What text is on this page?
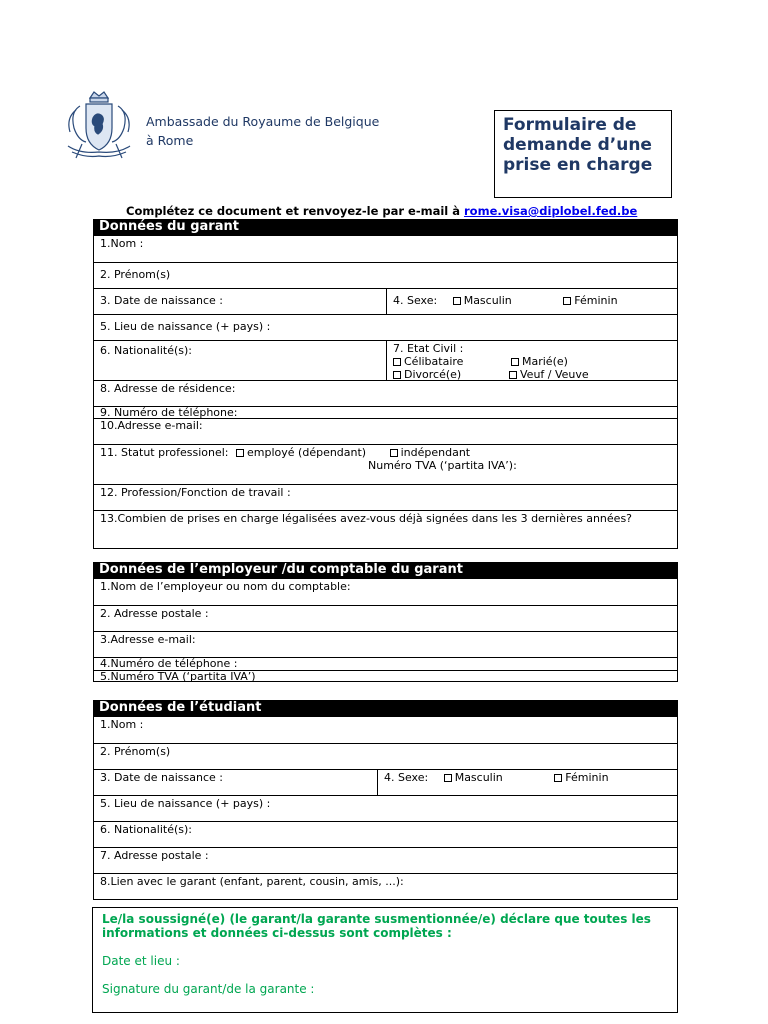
Ambassade du Royaume de Belgique
à Rome
Formulaire de demande d’une prise en charge
Complétez ce document et renvoyez-le par e-mail à rome.visa@diplobel.fed.be
Données du garant
1.Nom :
2. Prénom(s)
3. Date de naissance :	4. Sexe: Masculin	Féminin
5. Lieu de naissance (+ pays) :
6. Nationalité(s):	7. Etat Civil :
Célibataire	Marié(e)
Divorcé(e)	Veuf / Veuve
8. Adresse de résidence:
9. Numéro de téléphone:
10.Adresse e-mail:
11. Statut professionel: employé (dépendant)	indépendant
Numéro TVA (‘partita IVA’):
12. Profession/Fonction de travail :
13.Combien de prises en charge légalisées avez-vous déjà signées dans les 3 dernières années?
Données de l’employeur /du comptable du garant
1.Nom de l’employeur ou nom du comptable:
2. Adresse postale :
3.Adresse e-mail:
4.Numéro de téléphone :
5.Numéro TVA (‘partita IVA’)
Données de l’étudiant
1.Nom :
2. Prénom(s)
3. Date de naissance :	4. Sexe: Masculin	Féminin
5. Lieu de naissance (+ pays) :
6. Nationalité(s):
7. Adresse postale :
8.Lien avec le garant (enfant, parent, cousin, amis, ...):
Le/la soussigné(e) (le garant/la garante susmentionnée/e) déclare que toutes les informations et données ci-dessus sont complètes :
Date et lieu :
Signature du garant/de la garante :
